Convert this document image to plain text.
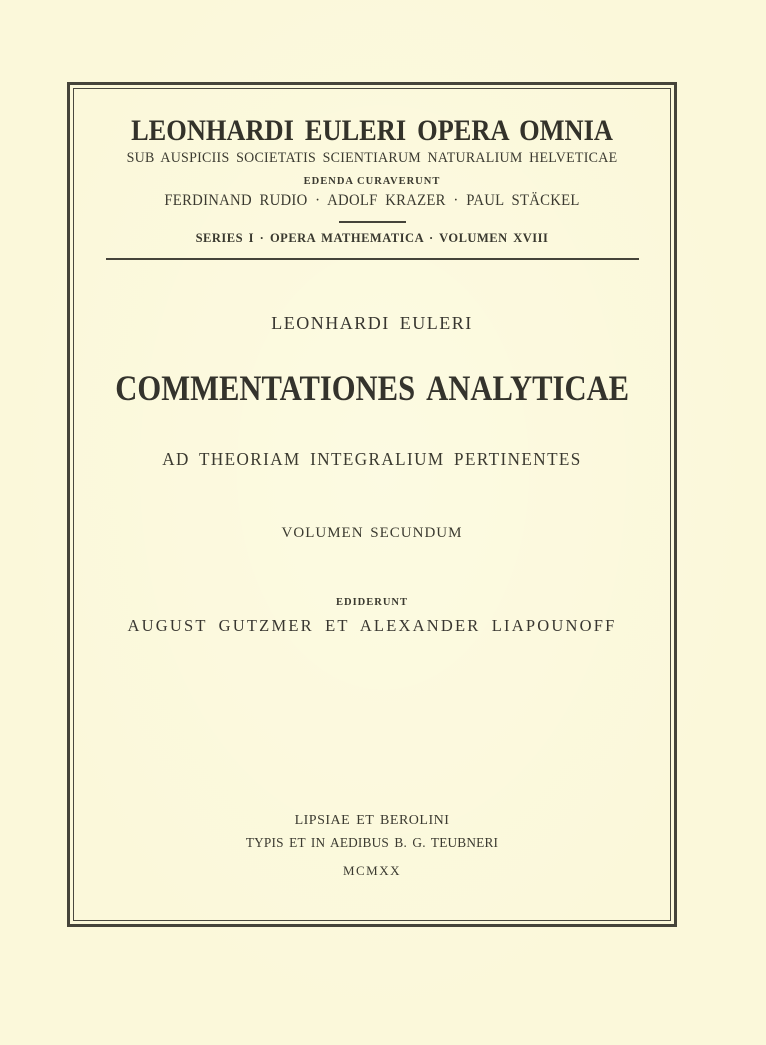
LEONHARDI EULERI OPERA OMNIA
SUB AUSPICIIS SOCIETATIS SCIENTIARUM NATURALIUM HELVETICAE
EDENDA CURAVERUNT
FERDINAND RUDIO · ADOLF KRAZER · PAUL STÄCKEL
SERIES I · OPERA MATHEMATICA · VOLUMEN XVIII
LEONHARDI EULERI
COMMENTATIONES ANALYTICAE
AD THEORIAM INTEGRALIUM PERTINENTES
VOLUMEN SECUNDUM
EDIDERUNT
AUGUST GUTZMER ET ALEXANDER LIAPOUNOFF
LIPSIAE ET BEROLINI
TYPIS ET IN AEDIBUS B. G. TEUBNERI
MCMXX
